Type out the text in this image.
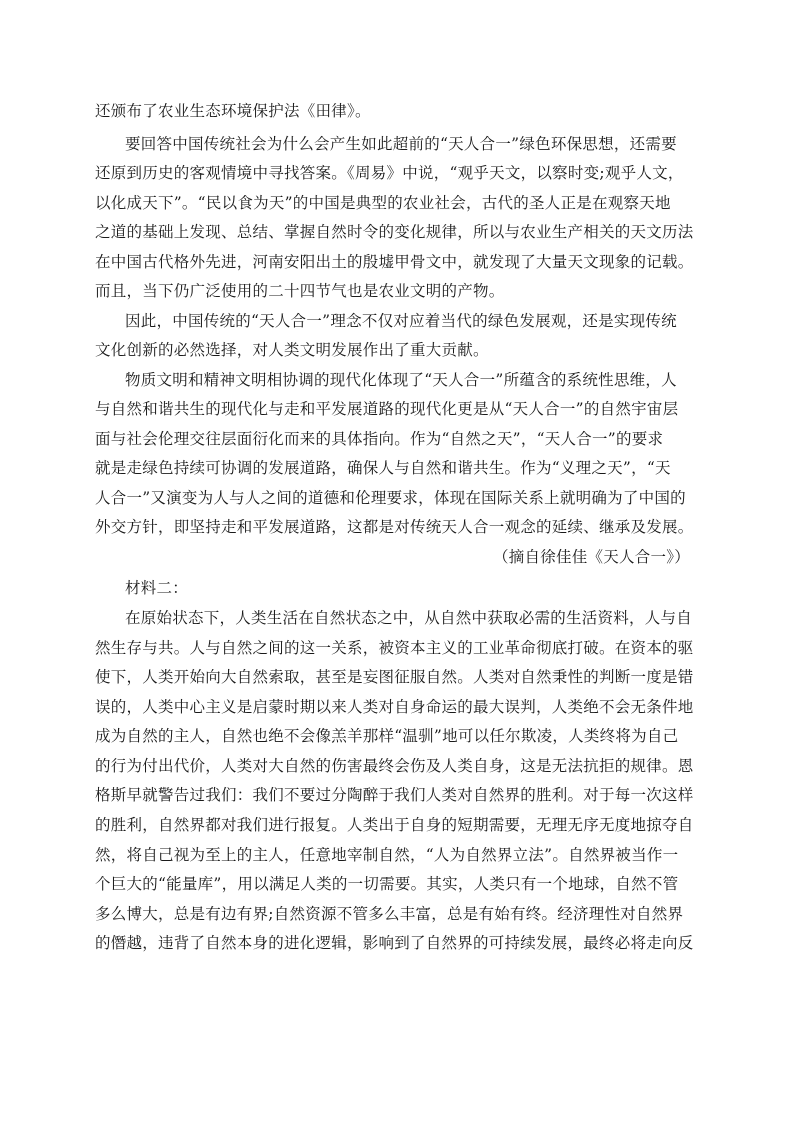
还颁布了农业生态环境保护法《田律》。
要回答中国传统社会为什么会产生如此超前的“天人合一”绿色环保思想，还需要
还原到历史的客观情境中寻找答案。《周易》中说，“观乎天文，以察时变;观乎人文，
以化成天下”。“民以食为天”的中国是典型的农业社会，古代的圣人正是在观察天地
之道的基础上发现、总结、掌握自然时令的变化规律，所以与农业生产相关的天文历法
在中国古代格外先进，河南安阳出土的殷墟甲骨文中，就发现了大量天文现象的记载。
而且，当下仍广泛使用的二十四节气也是农业文明的产物。
因此，中国传统的“天人合一”理念不仅对应着当代的绿色发展观，还是实现传统
文化创新的必然选择，对人类文明发展作出了重大贡献。
物质文明和精神文明相协调的现代化体现了“天人合一”所蕴含的系统性思维，人
与自然和谐共生的现代化与走和平发展道路的现代化更是从“天人合一”的自然宇宙层
面与社会伦理交往层面衍化而来的具体指向。作为“自然之天”，“天人合一”的要求
就是走绿色持续可协调的发展道路，确保人与自然和谐共生。作为“义理之天”，“天
人合一”又演变为人与人之间的道德和伦理要求，体现在国际关系上就明确为了中国的
外交方针，即坚持走和平发展道路，这都是对传统天人合一观念的延续、继承及发展。
（摘自徐佳佳《天人合一》）
材料二：
在原始状态下，人类生活在自然状态之中，从自然中获取必需的生活资料，人与自
然生存与共。人与自然之间的这一关系，被资本主义的工业革命彻底打破。在资本的驱
使下，人类开始向大自然索取，甚至是妄图征服自然。人类对自然秉性的判断一度是错
误的，人类中心主义是启蒙时期以来人类对自身命运的最大误判，人类绝不会无条件地
成为自然的主人，自然也绝不会像羔羊那样“温驯”地可以任尔欺凌，人类终将为自己
的行为付出代价，人类对大自然的伤害最终会伤及人类自身，这是无法抗拒的规律。恩
格斯早就警告过我们：我们不要过分陶醉于我们人类对自然界的胜利。对于每一次这样
的胜利，自然界都对我们进行报复。人类出于自身的短期需要，无理无序无度地掠夺自
然，将自己视为至上的主人，任意地宰制自然，“人为自然界立法”。自然界被当作一
个巨大的“能量库”，用以满足人类的一切需要。其实，人类只有一个地球，自然不管
多么博大，总是有边有界;自然资源不管多么丰富，总是有始有终。经济理性对自然界
的僭越，违背了自然本身的进化逻辑，影响到了自然界的可持续发展，最终必将走向反
